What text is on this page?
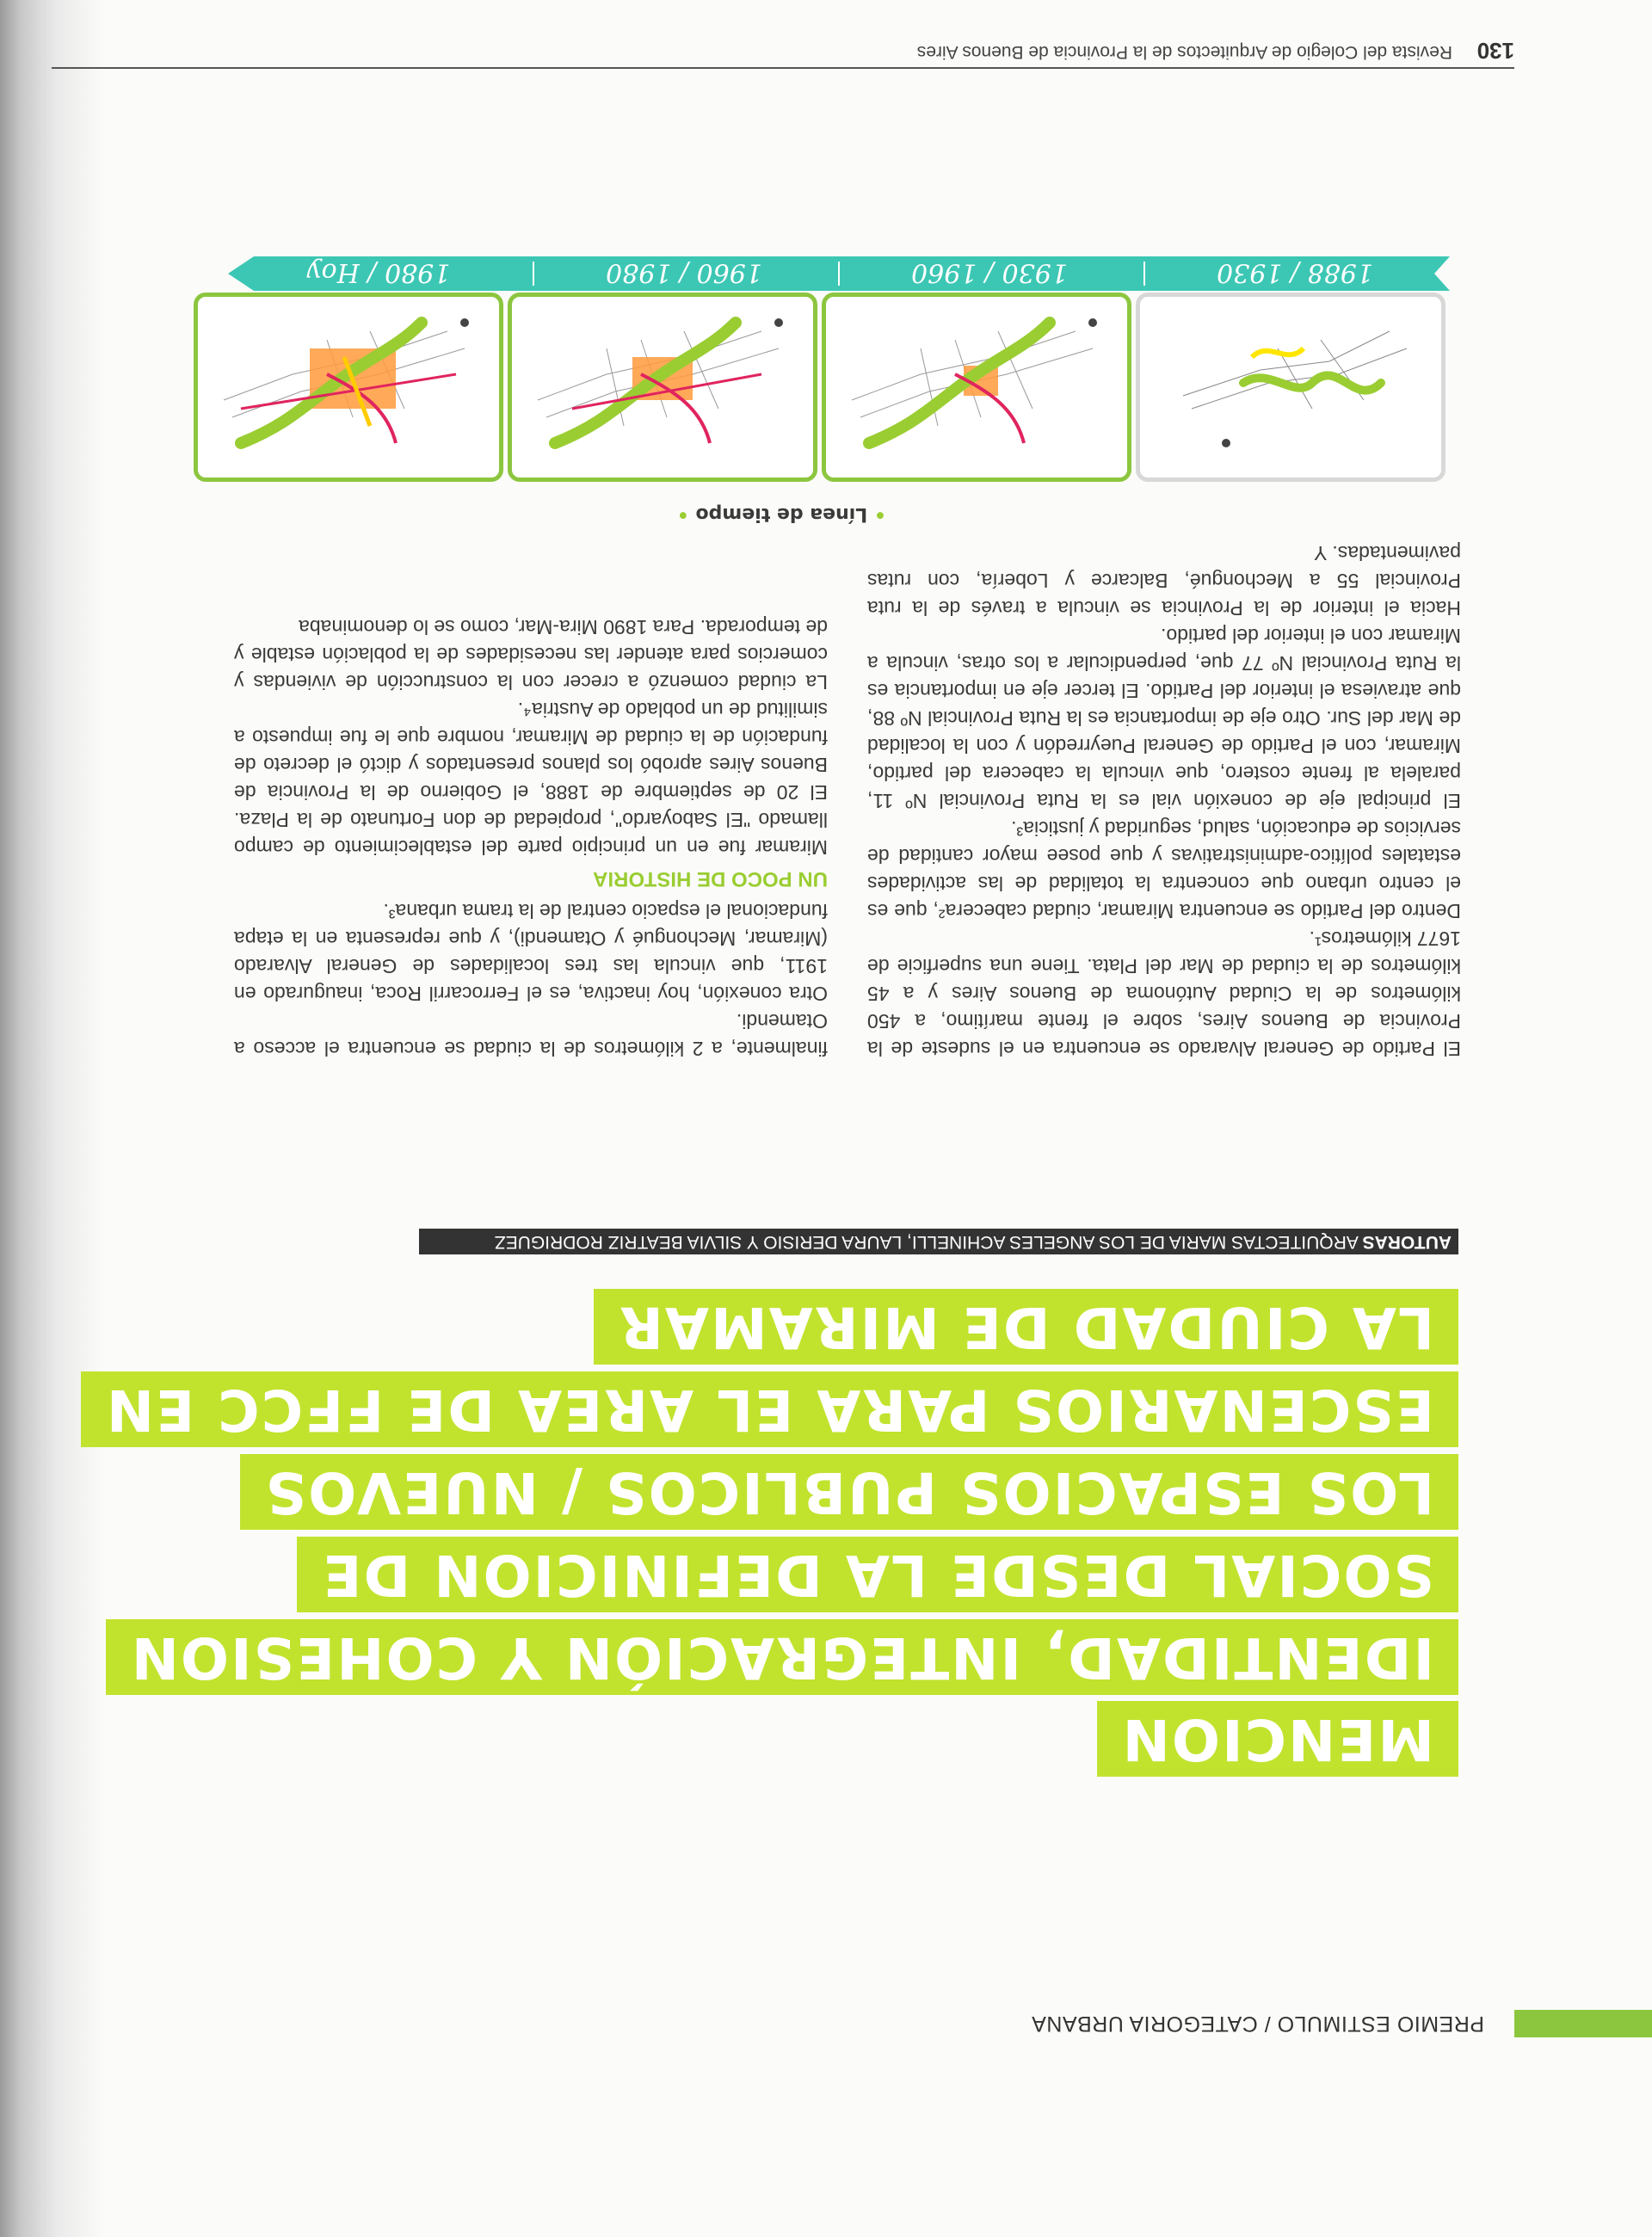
PREMIO ESTIMULO / CATEGORIA URBANA
MENCION
IDENTIDAD, INTEGRACIÓN Y COHESION
SOCIAL DESDE LA DEFINICION DE
LOS ESPACIOS PUBLICOS / NUEVOS
ESCENARIOS PARA EL AREA DE FFCC EN
LA CIUDAD DE MIRAMAR
AUTORAS ARQUITECTAS MARIA DE LOS ANGELES ACHINELLI, LAURA DERISIO Y SILVIA BEATRIZ RODRIGUEZ

El Partido de General Alvarado se encuentra en el sudeste de la Provincia de Buenos Aires, sobre el frente marítimo, a 450 kilómetros de la Ciudad Autónoma de Buenos Aires y a 45 kilómetros de la ciudad de Mar del Plata. Tiene una superficie de 1677 kilómetros¹.

Dentro del Partido se encuentra Miramar, ciudad cabecera², que es el centro urbano que concentra la totalidad de las actividades estatales político-administrativas y que posee mayor cantidad de servicios de educación, salud, seguridad y justicia³.

El principal eje de conexión vial es la Ruta Provincial Nº 11, paralela al frente costero, que vincula la cabecera del partido, Miramar, con el Partido de General Pueyrredón y con la localidad de Mar del Sur. Otro eje de importancia es la Ruta Provincial Nº 88, que atraviesa el interior del Partido. El tercer eje en importancia es la Ruta Provincial Nº 77 que, perpendicular a los otras, vincula a Miramar con el interior del partido.

Hacia el interior de la Provincia se vincula a través de la ruta Provincial 55 a Mechongué, Balcarce y Lobería, con rutas pavimentadas. Y

finalmente, a 2 kilómetros de la ciudad se encuentra el acceso a Otamendi.

Otra conexión, hoy inactiva, es el Ferrocarril Roca, inaugurado en 1911, que vincula las tres localidades de General Alvarado (Miramar, Mechongué y Otamendi), y que representa en la etapa fundacional el espacio central de la trama urbana³.

UN POCO DE HISTORIA

Miramar fue en un principio parte del establecimiento de campo llamado "El Saboyardo", propiedad de don Fortunato de la Plaza. El 20 de septiembre de 1888, el Gobierno de la Provincia de Buenos Aires aprobó los planos presentados y dictó el decreto de fundación de la ciudad de Miramar, nombre que le fue impuesto a similitud de un poblado de Austria⁴.

La ciudad comenzó a crecer con la construcción de viviendas y comercios para atender las necesidades de la población estable y de temporada. Para 1890 Mira-Mar, como se lo denominaba

• Línea de tiempo •
1988 / 1930
1930 / 1960
1960 / 1980
1980 / Hoy
130
Revista del Colegio de Arquitectos de la Provincia de Buenos Aires
